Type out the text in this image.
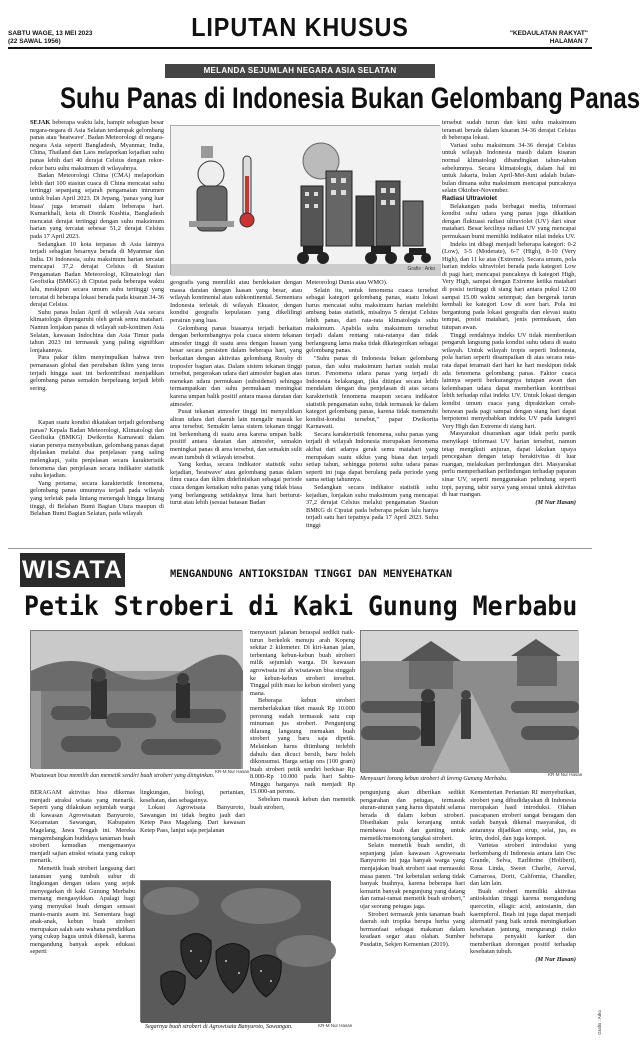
SABTU WAGE, 13 MEI 2023
(22 SAWAL 1956)	LIPUTAN KHUSUS	"KEDAULATAN RAKYAT"
HALAMAN 7
MELANDA SEJUMLAH NEGARA ASIA SELATAN
Suhu Panas di Indonesia Bukan Gelombang Panas

SEJAK beberapa waktu lalu, hampir sebagian besar negara-negara di Asia Selatan terdampak gelombang panas atau 'heatwave'. Badan Meteorologi di negara-negara Asia seperti Bangladesh, Myanmar, India, China, Thailand dan Laos melaporkan kejadian suhu panas lebih dari 40 derajat Celsius dengan rekor-rekor baru suhu maksimum di wilayahnya.

Badan Meteorologi China (CMA) melaporkan lebih dari 100 stasiun cuaca di China mencatat suhu tertinggi sepanjang sejarah pengamatan intrumen untuk bulan April 2023. Di Jepang, 'panas yang luar biasa' juga teramati dalam beberapa hari. Kumarkhali, kota di Distrik Kushtia, Bangladesh mencatat derajat tertinggi dengan suhu maksimum harian yang tercatat sebesar 51,2 derajat Celsius pada 17 April 2023.

Sedangkan 10 kota terpanas di Asia lainnya terjadi sebagian besarnya berada di Myanmar dan India. Di Indonesia, suhu maksimum harian tercatat mencapai 37,2 derajat Celsius di Stasiun Pengamatan Badan Meteorologi, Klimatologi dan Geofisika (BMKG) di Ciputat pada beberapa waktu lalu, meskipun secara umum suhu tertinggi yang tercatat di beberapa lokasi berada pada kisaran 34-36 derajat Celsius.

Suhu panas bulan April di wilayah Asia secara klimatologis dipengaruhi oleh gerak semu matahari. Namun lonjakan panas di wilayah sub-kontinen Asia Selatan, kawasan Indochina dan Asia Timur pada tahun 2023 ini termasuk yang paling signifikan lonjakannya.

Para pakar iklim menyimpulkan bahwa tren pemanasan global dan perubahan iklim yang terus terjadi hingga saat ini berkontribusi menjadikan gelombang panas semakin berpeluang terjadi lebih sering.

Kapan suatu kondisi dikatakan terjadi gelombang panas? Kepala Badan Meteorologi, Klimatologi dan Geofisika (BMKG) Dwikorita Karnawati dalam siaran persnya menyebutkan, gelombang panas dapat dijelaskan melalui dua penjelasan yang saling melengkapi, yaitu penjelasan secara karakteristik fenomena dan penjelasan secara indikator statistik suhu kejadian.

Yang pertama, secara karakteristik fenomena, gelombang panas umumnya terjadi pada wilayah yang terletak pada lintang menengah hingga lintang tinggi, di Belahan Bumi Bagian Utara maupun di Belahan Bumi Bagian Selatan, pada wilayah

Grafis : Arko

geografis yang memiliki atau berdekatan dengan massa daratan dengan luasan yang besar, atau wilayah kontinental atau subkontinental. Sementara Indonesia terletak di wilayah Ekuator, dengan kondisi geografis kepulauan yang dikelilingi perairan yang luas.

Gelombang panas biasanya terjadi berkaitan dengan berkembangnya pola cuaca sistem tekanan atmosfer tinggi di suatu area dengan luasan yang besar secara persisten dalam beberapa hari, yang berkaitan dengan aktivitas gelombang Rossby di troposfer bagian atas. Dalam sistem tekanan tinggi tersebut, pergerakan udara dari atmosfer bagian atas menekan udara permukaan (subsidensi) sehingga termampatkan dan suhu permukaan meningkat karena umpan balik positif antara massa daratan dan atmosfer.

Pusat tekanan atmosfer tinggi ini menyulitkan aliran udara dari daerah lain mengalir masuk ke area tersebut. Semakin lama sistem tekanan tinggi ini berkembang di suatu area karena umpan balik positif antara daratan dan atmosfer, semakin meningkat panas di area tersebut, dan semakin sulit awan tumbuh di wilayah tersebut.

Yang kedua, secara indikator statistik suhu kejadian, 'heatwave' atau gelombang panas dalam ilmu cuaca dan iklim didefinisikan sebagai periode cuaca dengan kenaikan suhu panas yang tidak biasa yang berlangsung setidaknya lima hari berturut-turut atau lebih (sesuai batasan Badan

Meteorologi Dunia atau WMO).

Selain itu, untuk fenomena cuaca tersebut sebagai kategori gelombang panas, suatu lokasi harus mencatat suhu maksimum harian melebihi ambang batas statistik, misalnya 5 derajat Celsius lebih panas, dari rata-rata klimatologis suhu maksimum. Apabila suhu maksimum tersebut terjadi dalam rentang rata-ratanya dan tidak berlangsung lama maka tidak dikategorikan sebagai gelombang panas.

"Suhu panas di Indonesia bukan gelombang panas, dan suhu maksimum harian sudah mulai turun. Fenomena udara panas yang terjadi di Indonesia belakangan, jika ditinjau secara lebih mendalam dengan dua penjelasan di atas secara karakteristik fenomena maupun secara indikator statistik pengamatan suhu, tidak termasuk ke dalam kategori gelombang panas, karena tidak memenuhi kondisi-kondisi tersebut," papar Dwikorita Karnawati.

Secara karakteristik fenomena, suhu panas yang terjadi di wilayah Indonesia merupakan fenomena akibat dari adanya gerak semu matahari yang merupakan suatu siklus yang biasa dan terjadi setiap tahun, sehingga potensi suhu udara panas seperti ini juga dapat berulang pada periode yang sama setiap tahunnya.

Sedangkan secara indikator statistik suhu kejadian, lonjakan suhu maksimum yang mencapai 37,2 derajat Celsius melalui pengamatan Stasiun BMKG di Ciputat pada beberapa pekan lalu hanya terjadi satu hari tepatnya pada 17 April 2023. Suhu tinggi

tersebut sudah turun dan kini suhu maksimum teramati berada dalam kisaran 34-36 derajat Celsius di beberapa lokasi.

Variasi suhu maksimum 34-36 derajat Celsius untuk wilayah Indonesia masih dalam kisaran normal klimatologi dibandingkan tahun-tahun sebelumnya. Secara klimatologis, dalam hal ini untuk Jakarta, bulan April-Mei-Juni adalah bulan-bulan dimana suhu maksimum mencapai puncaknya selain Oktober-November.

Radiasi Ultraviolet

Belakangan pada berbagai media, informasi kondisi suhu udara yang panas juga dikaitkan dengan fluktuasi radiasi ultraviolet (UV) dari sinar matahari. Besar kecilnya radiasi UV yang mencapai permukaan bumi memiliki indikator nilai indeks UV.

Indeks ini dibagi menjadi beberapa kategori: 0-2 (Low), 3-5 (Moderate), 6-7 (High), 8-10 (Very High), dan 11 ke atas (Extreme). Secara umum, pola harian indeks ultraviolet berada pada kategori Low di pagi hari; mencapai puncaknya di kategori High, Very High, sampai dengan Extreme ketika matahari di posisi tertinggi di siang hari antara pukul 12.00 sampai 15.00 waktu setempat; dan bergerak turun kembali ke kategori Low di sore hari. Pola ini bergantung pada lokasi geografis dan elevasi suatu tempat, posisi matahari, jenis permukaan, dan tutupan awan.

Tinggi rendahnya indeks UV tidak memberikan pengaruh langsung pada kondisi suhu udara di suatu wilayah. Untuk wilayah tropis seperti Indonesia, pola harian seperti disampaikan di atas secara rata-rata dapat teramati dari hari ke hari meskipun tidak ada fenomena gelombang panas. Faktor cuaca lainnya seperti berkurangnya tutupan awan dan kelembapan udara dapat memberikan kontribusi lebih terhadap nilai indeks UV. Untuk lokasi dengan kondisi umum cuaca yang dipraktekan cerah-berawan pada pagi sampai dengan siang hari dapat berpotensi menyebabkan indeks UV pada kategori Very High dan Extreme di siang hari.

Masyarakat disarankan agar tidak perlu panik menyikapi informasi UV harian tersebut, namun tetap mengikuti anjuran, dapat lakukan upaya pencegahan dengan tetap beraktivitas di luar ruangan, melakukan perlindungan diri. Masyarakat perlu memperhatikan perlindungan terhadap paparan sinar UV, seperti menggunakan pelindung seperti topi, payung, tabir surya yang sesuai untuk aktivitas di luar ruangan.

(M Nur Hasan)

WISATA	MENGANDUNG ANTIOKSIDAN TINGGI DAN MENYEHATKAN
Petik Stroberi di Kaki Gunung Merbabu
KR-M Nur Hasan
Wisatawan bisa memilih dan memetik sendiri buah stroberi yang diinginkan.	KR-M Nur Hasan
Menyusuri lorong kebun stroberi di lereng Gunung Merbabu.
KR-M Nur Hasan
Segarnya buah stroberi di Agrowisata Banyuroto, Sawangan.

BERAGAM aktivitas bisa dikemas menjadi atraksi wisata yang menarik. Seperti yang dilakukan sejumlah warga di kawasan Agrowisatan Banyuroto, Kecamatan Sawangan, Kabupaten Magelang, Jawa Tengah ini. Mereka mengembangkan budidaya tanaman buah stroberi kemudian mengemasnya menjadi sajian atraksi wisata yang cukup menarik.

Memetik buah stroberi langsung dari tanaman yang tumbuh subur di lingkungan dengan udara yang sejuk menyegarkan di kaki Gunung Merbabu memang mengasyikkan. Apalagi bagi yang menyukai buah dengan sensasi manis-manis asam ini. Sementara bagi anak-anak, kebun buah stroberi merupakan salah satu wahana pendidikan yang cukup bagus untuk dikenali, karena mengandung banyak aspek edukasi seperti

lingkungan, biologi, pertanian, kesehatan, dan sebagainya.

Lokasi Agrowisata Banyuroto, Sawangan ini tidak begitu jauh dari Ketep Pass Magelang. Dari kawasan Ketep Pass, lanjut saja perjalanan

menyusuri jalanan beraspal sedikit naik-turun berkelok menuju arah Kopeng sekitar 2 kilometer. Di kiri-kanan jalan, terbentang kebun-kebun buah stroberi milik sejumlah warga. Di kawasan agrowisata ini ah wisatawan bisa singgah ke kebun-kebun stroberi tersebut. Tinggal pilih mau ke kebun stroberi yang mana.

Beberapa kebun stroberi memberlakukan tiket masuk Rp 10.000 perorang sudah termasuk satu cup minuman jus stroberi. Pengunjung dilarang langsung memakan buah stroberi yang baru saja dipetik. Melainkan harus ditimbang terlebih dahulu dan dicuci bersih, baru boleh dikonsumsi. Harga setiap ons (100 gram) buah stroberi petik sendiri berkisar Rp 8.000-Rp 10.000 pada hari Sabtu-Minggu harganya naik menjadi Rp 15.000-an perons.

Sebelum masuk kebun dan memetik buah stroberi,

pengunjung akan diberikan sedikit pengarahan dan petugas, termasuk aturan-aturan yang harus dipatuhi selama berada di dalam kebun stroberi. Disediakan pula keranjang untuk membawa buah dan gunting untuk memetik/memotong tangkai stroberi.

Selain memetik buah sendiri, di sepanjang jalan kawasan Agrowesata Banyuroto ini juga banyak warga yang menjajakan buah stroberi saat memasuki masa panen. "Ini kebetulan sedang tidak banyak buahnya, karena beberapa hari kemarin banyak pengunjung yang datang dan ramai-ramai memetik buah stroberi," ujar seorang petugas jaga.

Stroberi termasuk jenis tanaman buah daerah sub tropika berupa herba yang bermanfaat sebagai makanan dalam keadaan segar atau olahan. Sumber Pusdatin, Sekjen Kementan (2019).

Kementerian Pertanian RI menyebutkan, stroberi yang dibudidayakan di Indonesia merupakan hasil introduksi. Olahan pascapanen stroberi sangat beragam dan sudah banyak dikenal masyarakat, di antaranya dijadikan sirup, selai, jus, es krim, dodol, dan juga kompot.

Varietas stroberi introduksi yang berkembang di Indonesia antara lain Osc Grande, Selva, Earlibrine (Holibert), Rosa Linda, Sweet Charlie, Aerval, Camarosa, Dorit, California, Chandler, dan lain lain.

Buah stroberi memiliki aktivitas antioksidan tinggi karena mengandung quercetin, ellagic acid, antosianin, dan kaempferol. Buah ini juga dapat menjadi alternatif yang baik untuk meningkatkan kesehatan jantung, mengurangi risiko beberapa penyakit kanker dan memberikan dorongan positif terhadap kesehatan tubuh.

(M Nur Hasan)

Grafis : Arko
